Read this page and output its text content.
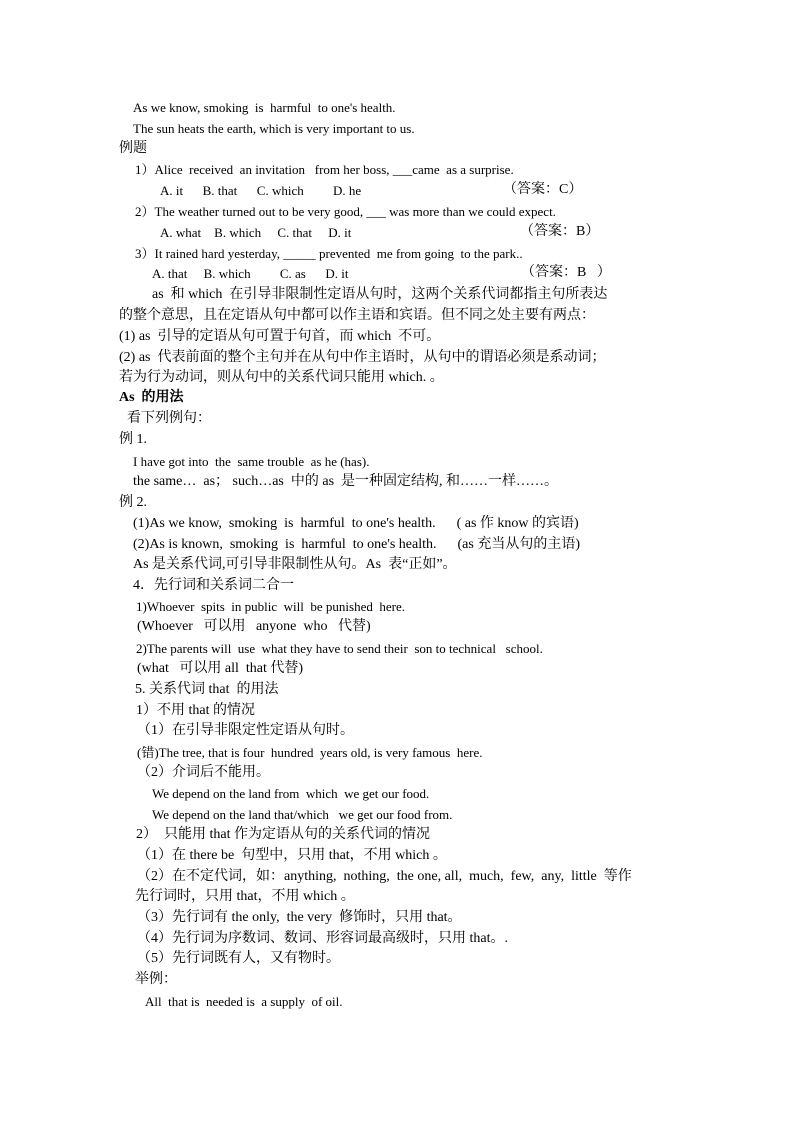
As we know, smoking  is  harmful  to one's health.
The sun heats the earth, which is very important to us.
例题
1）Alice  received  an invitation   from her boss, ___came  as a surprise.
A. it      B. that      C. which         D. he	（答案：C）
2）The weather turned out to be very good, ___ was more than we could expect.
A. what    B. which     C. that     D. it	（答案：B）
3）It rained hard yesterday, _____ prevented  me from going  to the park..
A. that     B. which         C. as      D. it	（答案：B   ）
as  和 which  在引导非限制性定语从句时，这两个关系代词都指主句所表达
的整个意思，且在定语从句中都可以作主语和宾语。但不同之处主要有两点：
(1) as  引导的定语从句可置于句首，而 which  不可。
(2) as  代表前面的整个主句并在从句中作主语时，从句中的谓语必须是系动词；
若为行为动词，则从句中的关系代词只能用 which. 。
As  的用法
看下列例句：
例 1.
I have got into  the  same trouble  as he (has).
the same…  as； such…as  中的 as  是一种固定结构, 和……一样……。
例 2.
(1)As we know,  smoking  is  harmful  to one's health.      ( as 作 know 的宾语)
(2)As is known,  smoking  is  harmful  to one's health.      (as 充当从句的主语)
As 是关系代词,可引导非限制性从句。As  表“正如”。
4．先行词和关系词二合一
1)Whoever  spits  in public  will  be punished  here.
(Whoever   可以用   anyone  who   代替)
2)The parents will  use  what they have to send their  son to technical   school.
(what   可以用 all  that 代替)
5. 关系代词 that  的用法
1）不用 that 的情况
（1）在引导非限定性定语从句时。
(错)The tree, that is four  hundred  years old, is very famous  here.
（2）介词后不能用。
We depend on the land from  which  we get our food.
We depend on the land that/which   we get our food from.
2）  只能用 that 作为定语从句的关系代词的情况
（1）在 there be  句型中，只用 that，不用 which 。
（2）在不定代词，如：anything,  nothing,  the one, all,  much,  few,  any,  little  等作
先行词时，只用 that，不用 which 。
（3）先行词有 the only,  the very  修饰时，只用 that。
（4）先行词为序数词、数词、形容词最高级时，只用 that。.
（5）先行词既有人，又有物时。
举例：
All  that is  needed is  a supply  of oil.
